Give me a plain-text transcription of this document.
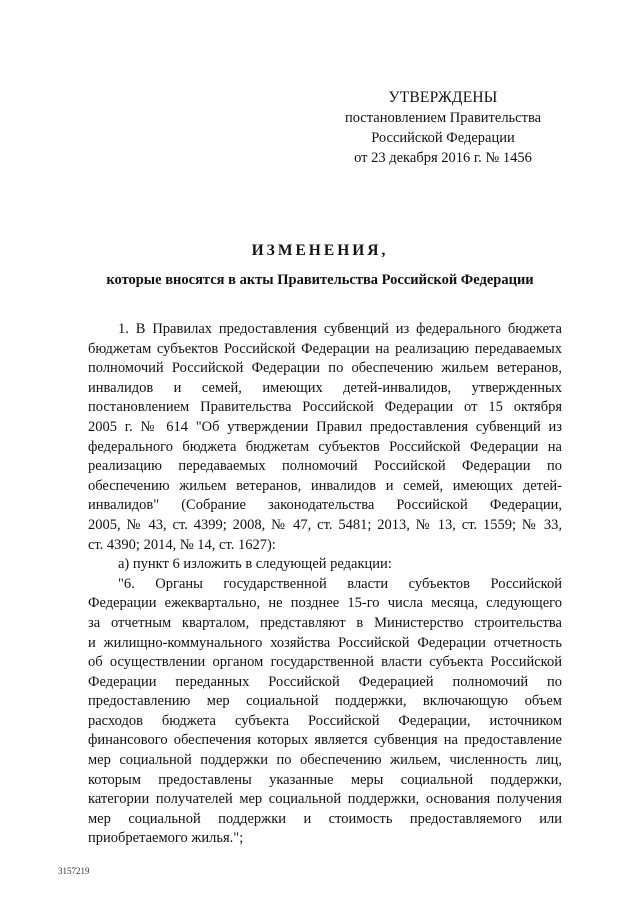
УТВЕРЖДЕНЫ
постановлением Правительства
Российской Федерации
от 23 декабря 2016 г. № 1456
ИЗМЕНЕНИЯ,
которые вносятся в акты Правительства Российской Федерации
1. В Правилах предоставления субвенций из федерального бюджета
бюджетам субъектов Российской Федерации на реализацию передаваемых
полномочий Российской Федерации по обеспечению жильем ветеранов,
инвалидов и семей, имеющих детей-инвалидов, утвержденных
постановлением Правительства Российской Федерации от 15 октября
2005 г. № 614 "Об утверждении Правил предоставления субвенций из
федерального бюджета бюджетам субъектов Российской Федерации на
реализацию передаваемых полномочий Российской Федерации по
обеспечению жильем ветеранов, инвалидов и семей, имеющих детей-
инвалидов" (Собрание законодательства Российской Федерации,
2005, № 43, ст. 4399; 2008, № 47, ст. 5481; 2013, № 13, ст. 1559; № 33,
ст. 4390; 2014, № 14, ст. 1627):
а) пункт 6 изложить в следующей редакции:
"6. Органы государственной власти субъектов Российской
Федерации ежеквартально, не позднее 15-го числа месяца, следующего
за отчетным кварталом, представляют в Министерство строительства
и жилищно-коммунального хозяйства Российской Федерации отчетность
об осуществлении органом государственной власти субъекта Российской
Федерации переданных Российской Федерацией полномочий по
предоставлению мер социальной поддержки, включающую объем
расходов бюджета субъекта Российской Федерации, источником
финансового обеспечения которых является субвенция на предоставление
мер социальной поддержки по обеспечению жильем, численность лиц,
которым предоставлены указанные меры социальной поддержки,
категории получателей мер социальной поддержки, основания получения
мер социальной поддержки и стоимость предоставляемого или
приобретаемого жилья.";
3157219
